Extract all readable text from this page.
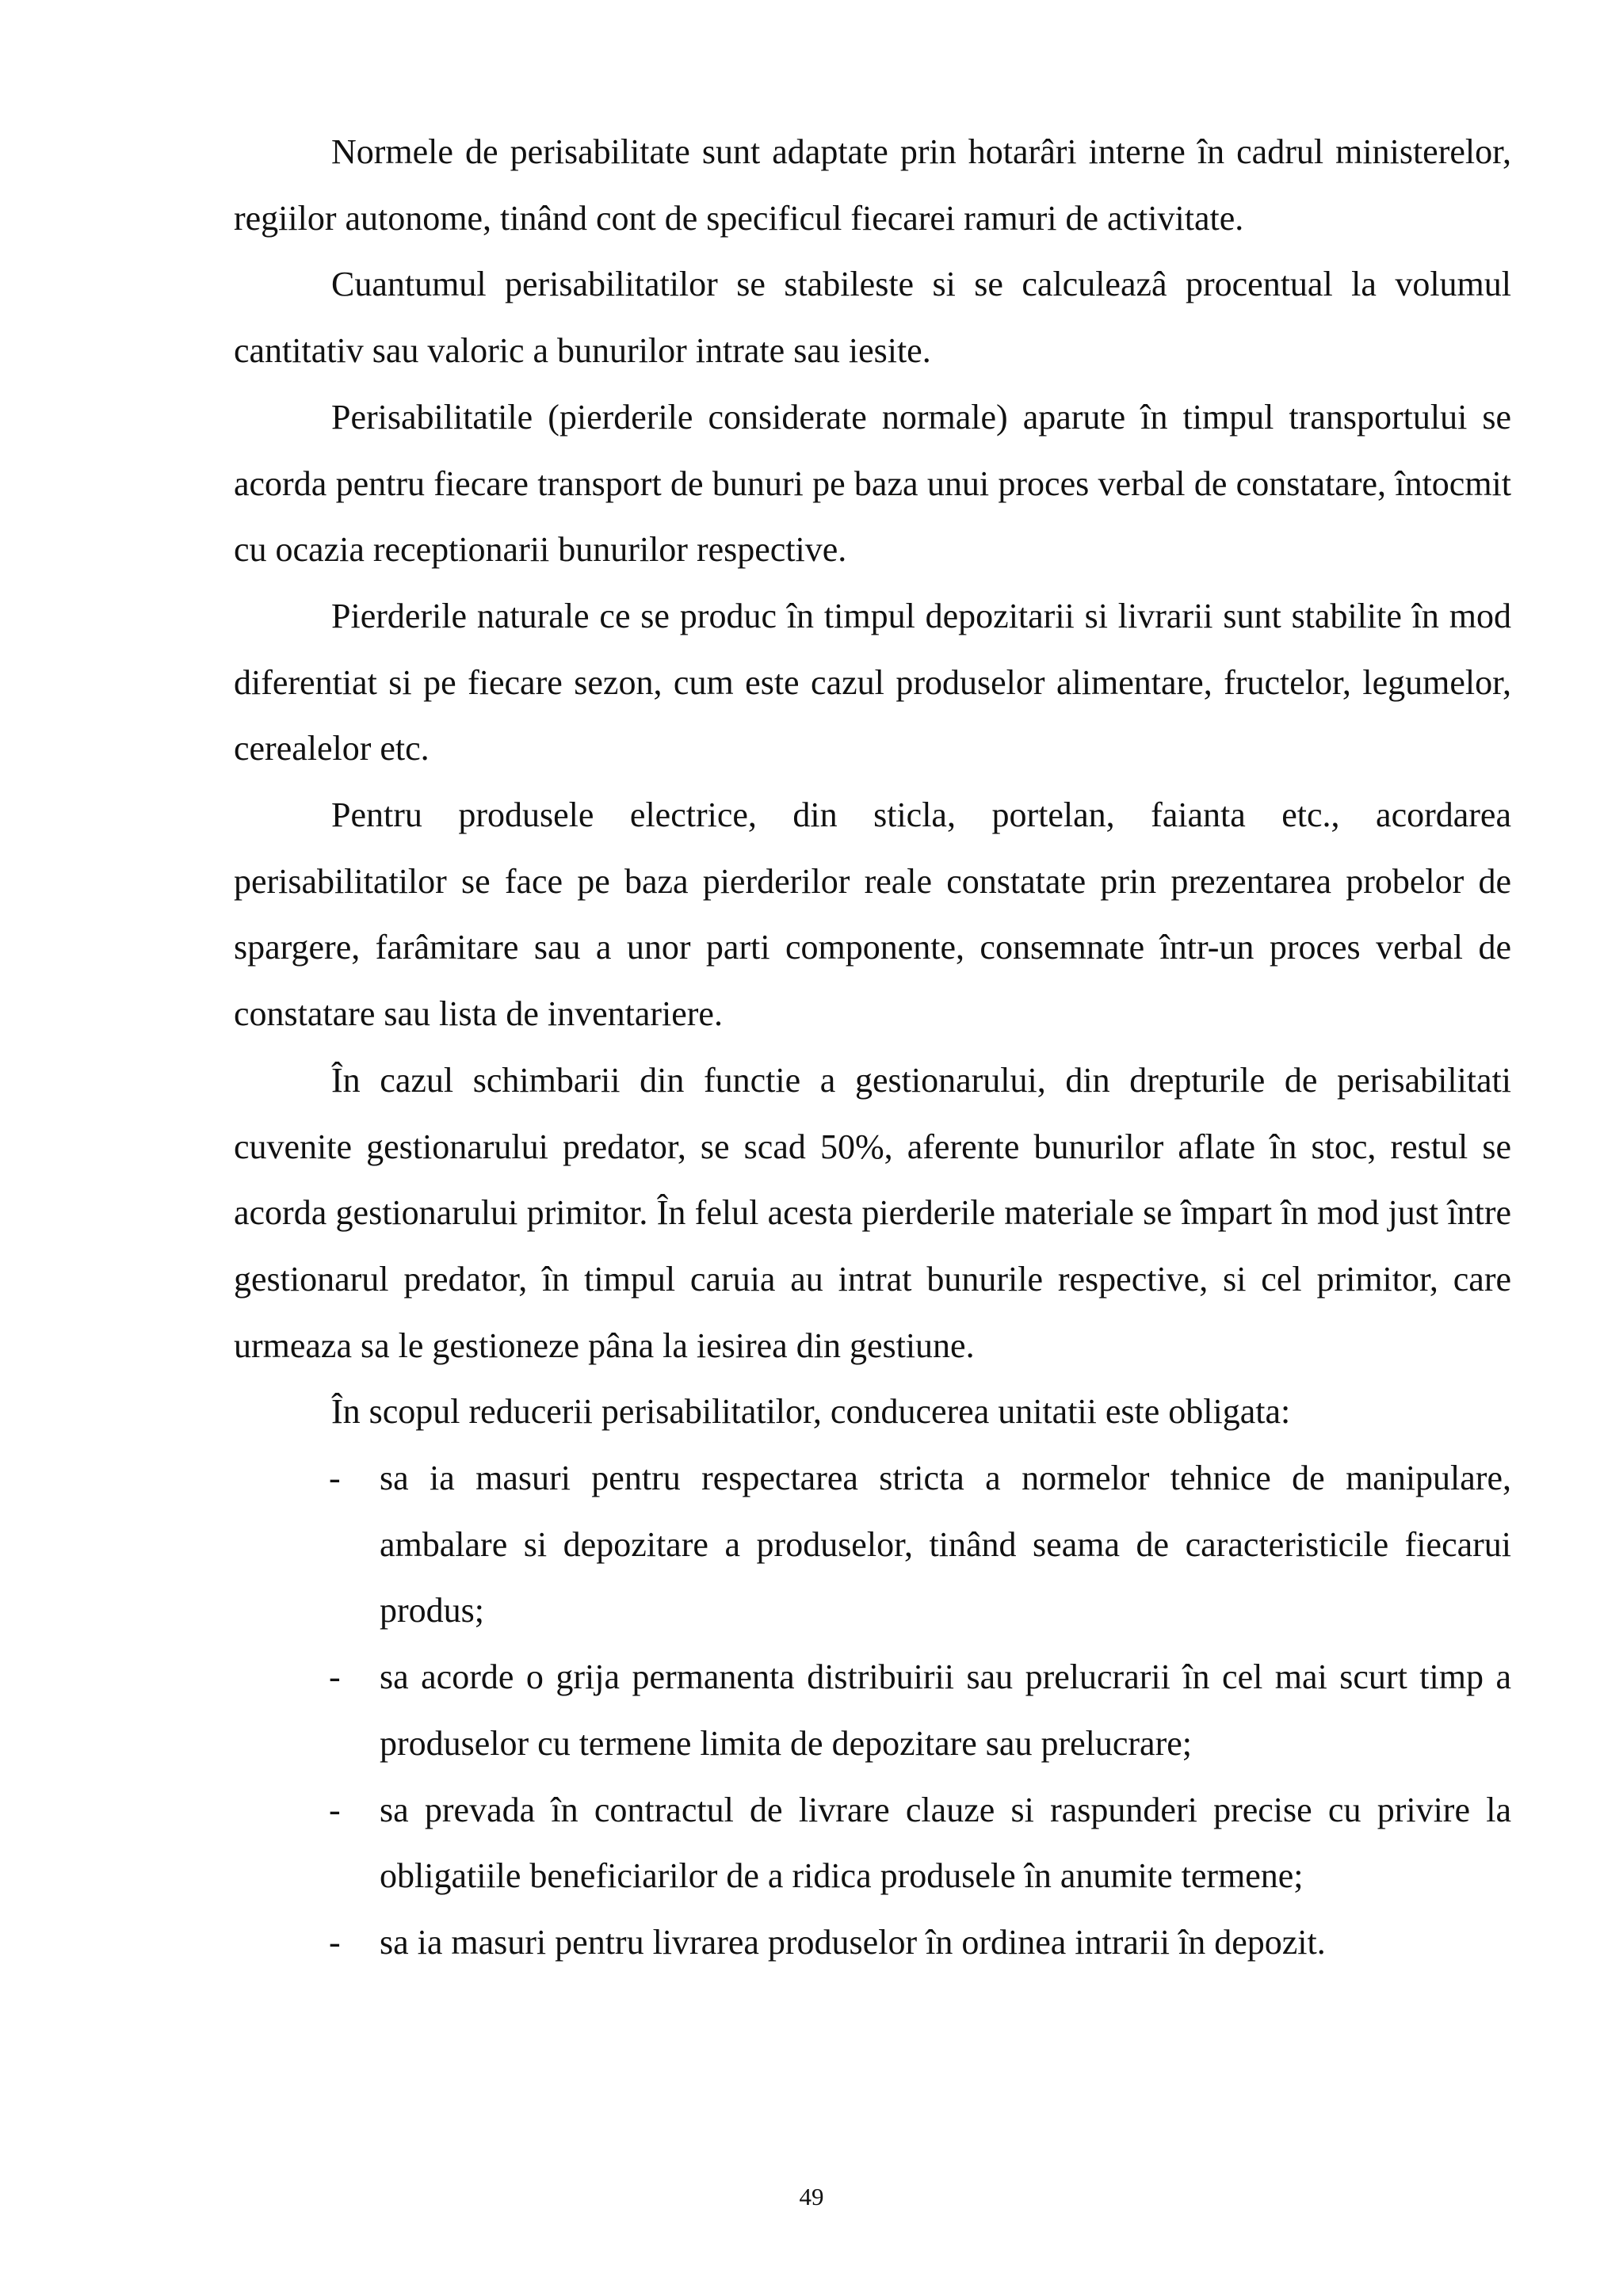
Normele de perisabilitate sunt adaptate prin hotarâri interne în cadrul ministerelor, regiilor autonome, tinând cont de specificul fiecarei ramuri de activitate.

Cuantumul perisabilitatilor se stabileste si se calculeazâ procentual la volumul cantitativ sau valoric a bunurilor intrate sau iesite.

Perisabilitatile (pierderile considerate normale) aparute în timpul transportului se acorda pentru fiecare transport de bunuri pe baza unui proces verbal de constatare, întocmit cu ocazia receptionarii bunurilor respective.

Pierderile naturale ce se produc în timpul depozitarii si livrarii sunt stabilite în mod diferentiat si pe fiecare sezon, cum este cazul produselor alimentare, fructelor, legumelor, cerealelor etc.

Pentru produsele electrice, din sticla, portelan, faianta etc., acordarea perisabilitatilor se face pe baza pierderilor reale constatate prin prezentarea probelor de spargere, farâmitare sau a unor parti componente, consemnate într-un proces verbal de constatare sau lista de inventariere.

În cazul schimbarii din functie a gestionarului, din drepturile de perisabilitati cuvenite gestionarului predator, se scad 50%, aferente bunurilor aflate în stoc, restul se acorda gestionarului primitor. În felul acesta pierderile materiale se împart în mod just între gestionarul predator, în timpul caruia au intrat bunurile respective, si cel primitor, care urmeaza sa le gestioneze pâna la iesirea din gestiune.

În scopul reducerii perisabilitatilor, conducerea unitatii este obligata:

- sa ia masuri pentru respectarea stricta a normelor tehnice de manipulare, ambalare si depozitare a produselor, tinând seama de caracteristicile fiecarui produs;
- sa acorde o grija permanenta distribuirii sau prelucrarii în cel mai scurt timp a produselor cu termene limita de depozitare sau prelucrare;
- sa prevada în contractul de livrare clauze si raspunderi precise cu privire la obligatiile beneficiarilor de a ridica produsele în anumite termene;
- sa ia masuri pentru livrarea produselor în ordinea intrarii în depozit.
49
